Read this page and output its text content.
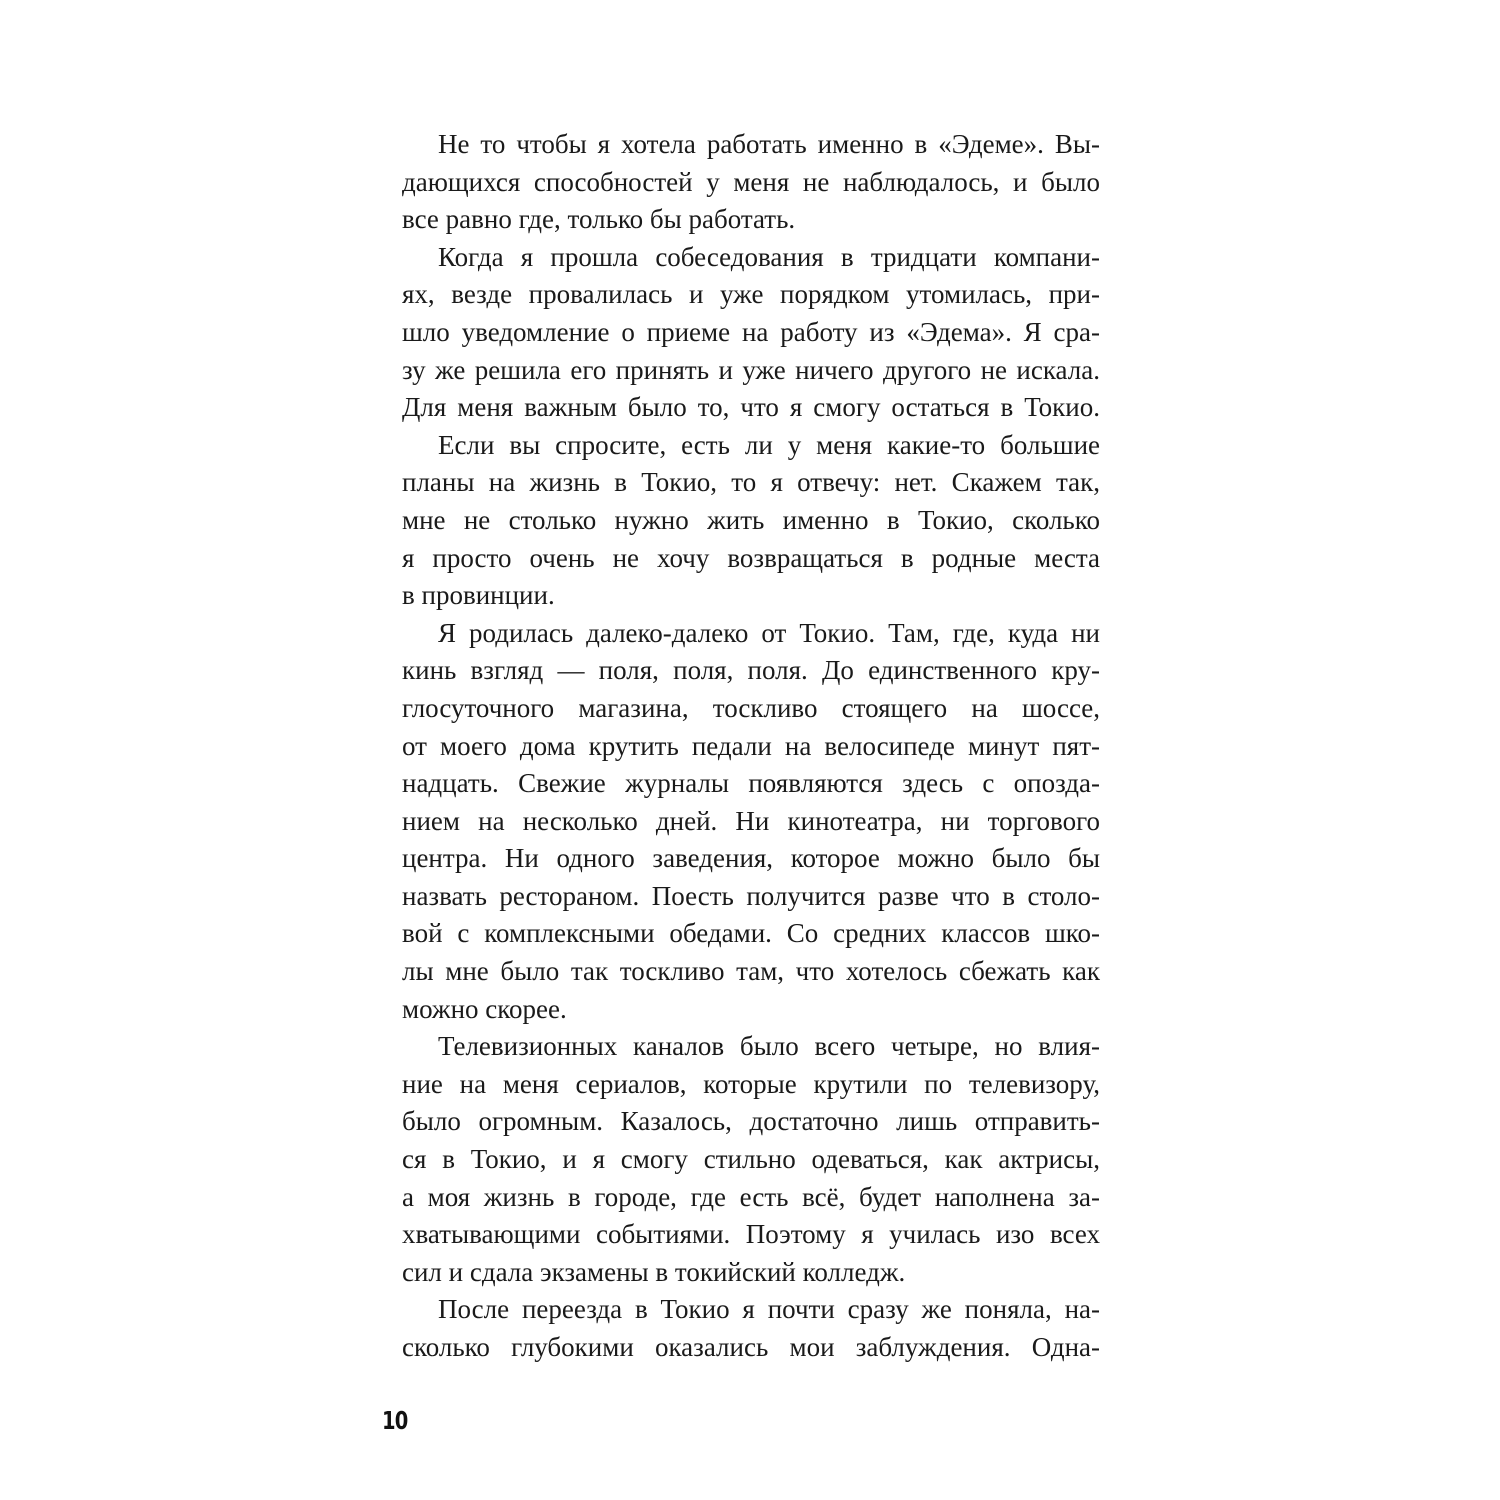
Не то чтобы я хотела работать именно в «Эдеме». Вы-
дающихся способностей у меня не наблюдалось, и было
все равно где, только бы работать.
Когда я прошла собеседования в тридцати компани-
ях, везде провалилась и уже порядком утомилась, при-
шло уведомление о приеме на работу из «Эдема». Я сра-
зу же решила его принять и уже ничего другого не искала.
Для меня важным было то, что я смогу остаться в Токио.
Если вы спросите, есть ли у меня какие-то большие
планы на жизнь в Токио, то я отвечу: нет. Скажем так,
мне не столько нужно жить именно в Токио, сколько
я просто очень не хочу возвращаться в родные места
в провинции.
Я родилась далеко-далеко от Токио. Там, где, куда ни
кинь взгляд — поля, поля, поля. До единственного кру-
глосуточного магазина, тоскливо стоящего на шоссе,
от моего дома крутить педали на велосипеде минут пят-
надцать. Свежие журналы появляются здесь с опозда-
нием на несколько дней. Ни кинотеатра, ни торгового
центра. Ни одного заведения, которое можно было бы
назвать рестораном. Поесть получится разве что в столо-
вой с комплексными обедами. Со средних классов шко-
лы мне было так тоскливо там, что хотелось сбежать как
можно скорее.
Телевизионных каналов было всего четыре, но влия-
ние на меня сериалов, которые крутили по телевизору,
было огромным. Казалось, достаточно лишь отправить-
ся в Токио, и я смогу стильно одеваться, как актрисы,
а моя жизнь в городе, где есть всё, будет наполнена за-
хватывающими событиями. Поэтому я училась изо всех
сил и сдала экзамены в токийский колледж.
После переезда в Токио я почти сразу же поняла, на-
сколько глубокими оказались мои заблуждения. Одна-
10
